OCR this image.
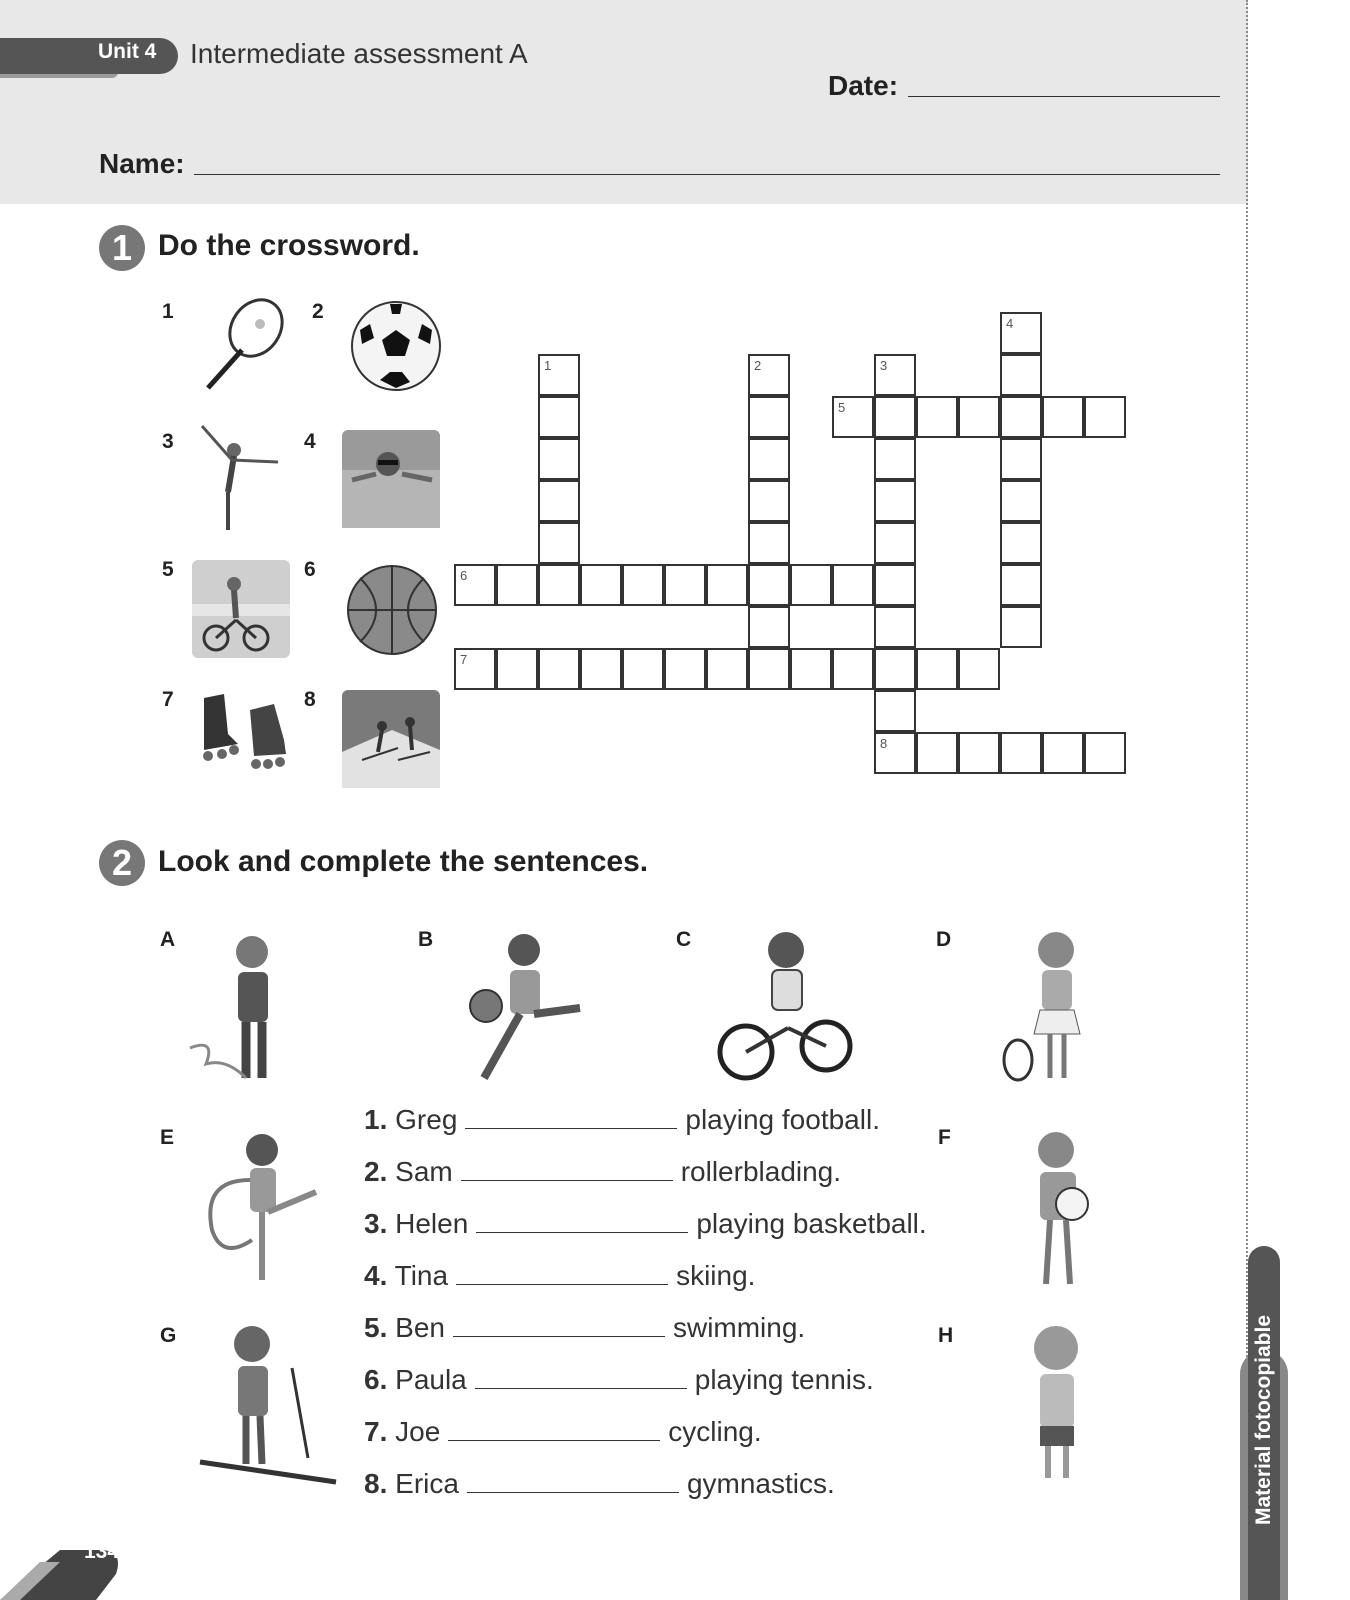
Unit 4 Intermediate assessment A
Date:
Name:
1 Do the crossword.
1	2
3	4
5	6
7	8
1	2	3
8
4
5
6
7
2 Look and complete the sentences.
A	B	C	D
E	F
G	H
1. Greg	playing football.
2. Sam	rollerblading.
3. Helen	playing basketball.
4. Tina	skiing.
5. Ben	swimming.
6. Paula	playing tennis.
7. Joe	cycling.
8. Erica	gymnastics.	Material fotocopiable
134
